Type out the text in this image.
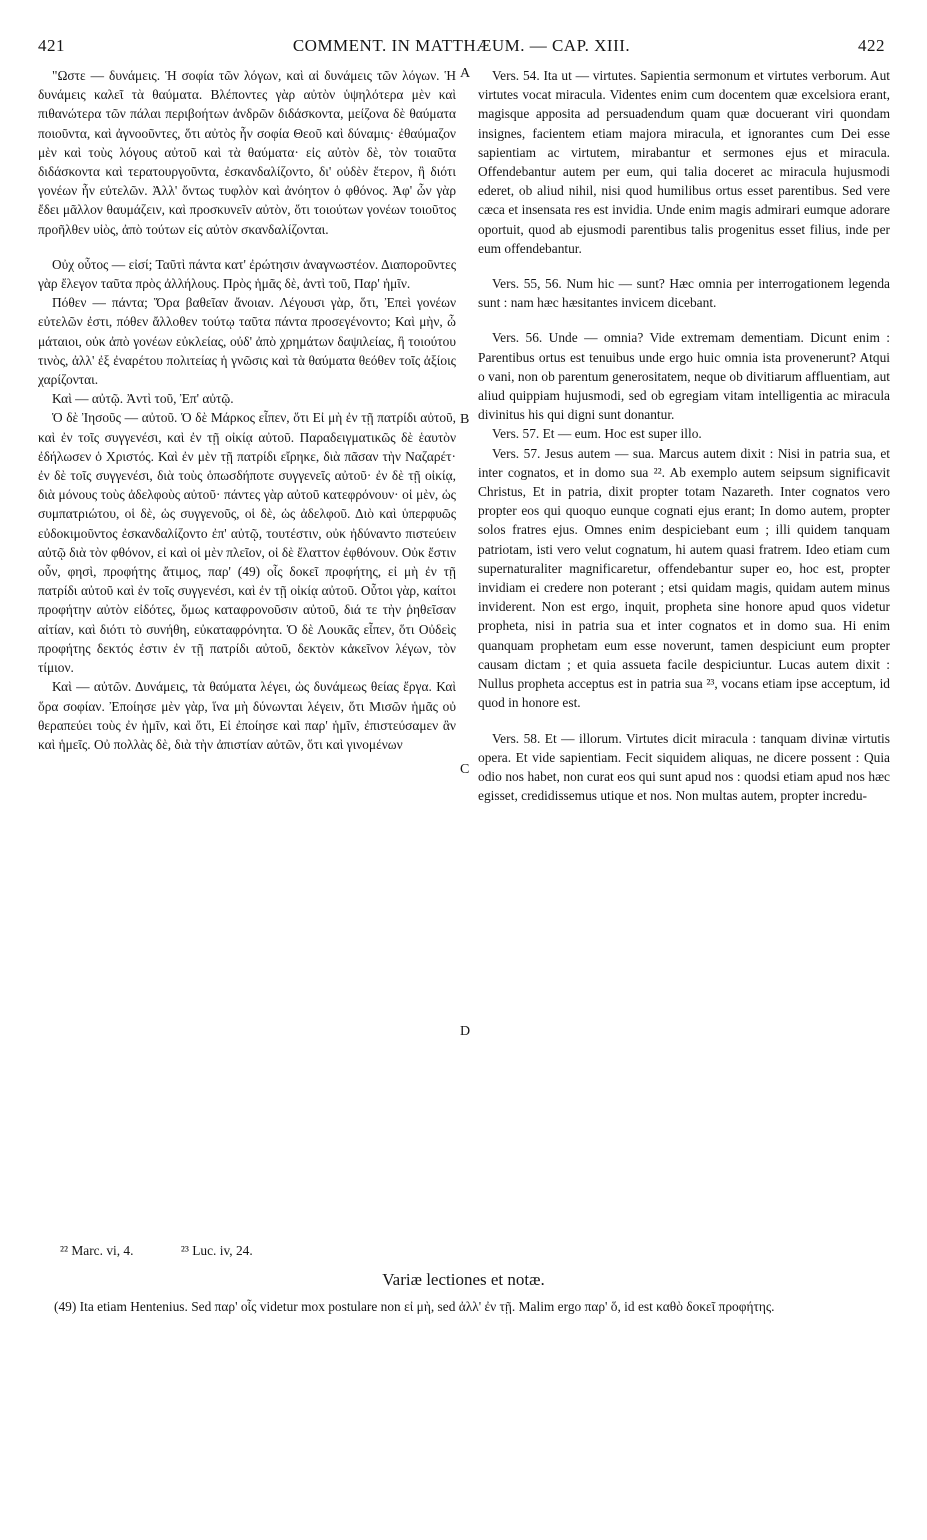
421	COMMENT. IN MATTHÆUM. — CAP. XIII.	422

"Ωστε — δυνάμεις. Ἡ σοφία τῶν λόγων, καὶ αἱ δυνάμεις τῶν λόγων. Ἡ δυνάμεις καλεῖ τὰ θαύματα. Βλέποντες γὰρ αὐτὸν ὑψηλότερα μὲν καὶ πιθανώτερα τῶν πάλαι περιβοήτων ἀνδρῶν διδάσκοντα, μείζονα δὲ θαύματα ποιοῦντα, καὶ ἀγνοοῦντες, ὅτι αὐτὸς ἦν σοφία Θεοῦ καὶ δύναμις· ἐθαύμαζον μὲν καὶ τοὺς λόγους αὐτοῦ καὶ τὰ θαύματα· εἰς αὐτὸν δὲ, τὸν τοιαῦτα διδάσκοντα καὶ τερατουργοῦντα, ἐσκανδαλίζοντο, δι' οὐδὲν ἕτερον, ἢ διότι γονέων ἦν εὐτελῶν. Ἀλλ' ὄντως τυφλὸν καὶ ἀνόητον ὁ φθόνος. Ἀφ' ὧν γὰρ ἔδει μᾶλλον θαυμάζειν, καὶ προσκυνεῖν αὐτὸν, ὅτι τοιούτων γονέων τοιοῦτος προῆλθεν υἱὸς, ἀπὸ τούτων εἰς αὐτὸν σκανδαλίζονται.

Οὐχ οὗτος — εἰσί; Ταῦτὶ πάντα κατ' ἐρώτησιν ἀναγνωστέον. Διαποροῦντες γὰρ ἔλεγον ταῦτα πρὸς ἀλλήλους. Πρὸς ἡμᾶς δὲ, ἀντὶ τοῦ, Παρ' ἡμῖν.

Πόθεν — πάντα; Ὅρα βαθεῖαν ἄνοιαν. Λέγουσι γὰρ, ὅτι, Ἐπεὶ γονέων εὐτελῶν ἐστι, πόθεν ἄλλοθεν τούτῳ ταῦτα πάντα προσεγένοντο; Καὶ μὴν, ὦ μάταιοι, οὐκ ἀπὸ γονέων εὐκλείας, οὐδ' ἀπὸ χρημάτων δαψιλείας, ἢ τοιούτου τινὸς, ἀλλ' ἐξ ἐναρέτου πολιτείας ἡ γνῶσις καὶ τὰ θαύματα θεόθεν τοῖς ἀξίοις χαρίζονται.

Καὶ — αὐτῷ. Ἀντὶ τοῦ, Ἐπ' αὐτῷ.

Ὁ δὲ Ἰησοῦς — αὐτοῦ. Ὁ δὲ Μάρκος εἶπεν, ὅτι Εἰ μὴ ἐν τῇ πατρίδι αὐτοῦ, καὶ ἐν τοῖς συγγενέσι, καὶ ἐν τῇ οἰκίᾳ αὐτοῦ. Παραδειγματικῶς δὲ ἑαυτὸν ἐδήλωσεν ὁ Χριστός. Καὶ ἐν μὲν τῇ πατρίδι εἴρηκε, διὰ πᾶσαν τὴν Ναζαρέτ· ἐν δὲ τοῖς συγγενέσι, διὰ τοὺς ὁπωσδήποτε συγγενεῖς αὐτοῦ· ἐν δὲ τῇ οἰκίᾳ, διὰ μόνους τοὺς ἀδελφοὺς αὐτοῦ· πάντες γὰρ αὐτοῦ κατεφρόνουν· οἱ μὲν, ὡς συμπατριώτου, οἱ δὲ, ὡς συγγενοῦς, οἱ δὲ, ὡς ἀδελφοῦ. Διὸ καὶ ὑπερφυῶς εὐδοκιμοῦντος ἐσκανδαλίζοντο ἐπ' αὐτῷ, τουτέστιν, οὐκ ἠδύναντο πιστεύειν αὐτῷ διὰ τὸν φθόνον, εἰ καὶ οἱ μὲν πλεῖον, οἱ δὲ ἔλαττον ἐφθόνουν. Οὐκ ἔστιν οὖν, φησὶ, προφήτης ἄτιμος, παρ' (49) οἷς δοκεῖ προφήτης, εἰ μὴ ἐν τῇ πατρίδι αὐτοῦ καὶ ἐν τοῖς συγγενέσι, καὶ ἐν τῇ οἰκίᾳ αὐτοῦ. Οὗτοι γὰρ, καίτοι προφήτην αὐτὸν εἰδότες, ὅμως καταφρονοῦσιν αὐτοῦ, διά τε τὴν ῥηθεῖσαν αἰτίαν, καὶ διότι τὸ συνήθη, εὐκαταφρόνητα. Ὁ δὲ Λουκᾶς εἶπεν, ὅτι Οὐδεὶς προφήτης δεκτός ἐστιν ἐν τῇ πατρίδι αὐτοῦ, δεκτὸν κἀκεῖνον λέγων, τὸν τίμιον.

Καὶ — αὐτῶν. Δυνάμεις, τὰ θαύματα λέγει, ὡς δυνάμεως θείας ἔργα. Καὶ ὅρα σοφίαν. Ἐποίησε μὲν γὰρ, ἵνα μὴ δύνωνται λέγειν, ὅτι Μισῶν ἡμᾶς οὐ θεραπεύει τοὺς ἐν ἡμῖν, καὶ ὅτι, Εἰ ἐποίησε καὶ παρ' ἡμῖν, ἐπιστεύσαμεν ἂν καὶ ἡμεῖς. Οὐ πολλὰς δὲ, διὰ τὴν ἀπιστίαν αὐτῶν, ὅτι καὶ γινομένων

A
B
C
D

Vers. 54. Ita ut — virtutes. Sapientia sermonum et virtutes verborum. Aut virtutes vocat miracula. Videntes enim cum docentem quæ excelsiora erant, magisque apposita ad persuadendum quam quæ docuerant viri quondam insignes, facientem etiam majora miracula, et ignorantes cum Dei esse sapientiam ac virtutem, mirabantur et sermones ejus et miracula. Offendebantur autem per eum, qui talia doceret ac miracula hujusmodi ederet, ob aliud nihil, nisi quod humilibus ortus esset parentibus. Sed vere cæca et insensata res est invidia. Unde enim magis admirari eumque adorare oportuit, quod ab ejusmodi parentibus talis progenitus esset filius, inde per eum offendebantur.

Vers. 55, 56. Num hic — sunt? Hæc omnia per interrogationem legenda sunt : nam hæc hæsitantes invicem dicebant.

Vers. 56. Unde — omnia? Vide extremam dementiam. Dicunt enim : Parentibus ortus est tenuibus unde ergo huic omnia ista provenerunt? Atqui o vani, non ob parentum generositatem, neque ob divitiarum affluentiam, aut aliud quippiam hujusmodi, sed ob egregiam vitam intelligentia ac miracula divinitus his qui digni sunt donantur.

Vers. 57. Et — eum. Hoc est super illo.

Vers. 57. Jesus autem — sua. Marcus autem dixit : Nisi in patria sua, et inter cognatos, et in domo sua ²². Ab exemplo autem seipsum significavit Christus, Et in patria, dixit propter totam Nazareth. Inter cognatos vero propter eos qui quoquo eunque cognati ejus erant; In domo autem, propter solos fratres ejus. Omnes enim despiciebant eum ; illi quidem tanquam patriotam, isti vero velut cognatum, hi autem quasi fratrem. Ideo etiam cum supernaturaliter magnificaretur, offendebantur super eo, hoc est, propter invidiam ei credere non poterant ; etsi quidam magis, quidam autem minus inviderent. Non est ergo, inquit, propheta sine honore apud quos videtur propheta, nisi in patria sua et inter cognatos et in domo sua. Hi enim quanquam prophetam eum esse noverunt, tamen despiciunt eum propter causam dictam ; et quia assueta facile despiciuntur. Lucas autem dixit : Nullus propheta acceptus est in patria sua ²³, vocans etiam ipse acceptum, id quod in honore est.

Vers. 58. Et — illorum. Virtutes dicit miracula : tanquam divinæ virtutis opera. Et vide sapientiam. Fecit siquidem aliquas, ne dicere possent : Quia odio nos habet, non curat eos qui sunt apud nos : quodsi etiam apud nos hæc egisset, credidissemus utique et nos. Non multas autem, propter incredu-

²² Marc. vi, 4.	²³ Luc. iv, 24.
Variæ lectiones et notæ.
(49) Ita etiam Hentenius. Sed παρ' οἷς videtur mox postulare non εἰ μὴ, sed ἀλλ' ἐν τῇ. Malim ergo παρ' ὅ, id est καθὸ δοκεῖ προφήτης.
